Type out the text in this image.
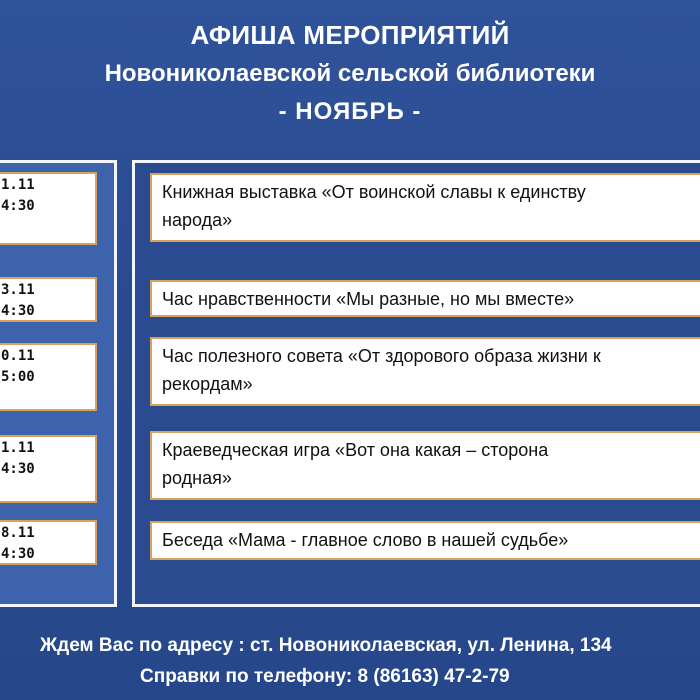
АФИША МЕРОПРИЯТИЙ
Новониколаевской сельской библиотеки
- НОЯБРЬ -
1.11
4:30
3.11
4:30
0.11
5:00
1.11
4:30
8.11
4:30
Книжная выставка «От воинской славы к единству
народа»
Час нравственности «Мы разные, но мы вместе»
Час полезного совета «От здорового образа жизни к
рекордам»
Краеведческая игра «Вот она какая – сторона
родная»
Беседа «Мама - главное слово в нашей судьбе»
Ждем Вас по адресу : ст. Новониколаевская, ул. Ленина, 134
Справки по телефону: 8 (86163) 47-2-79
